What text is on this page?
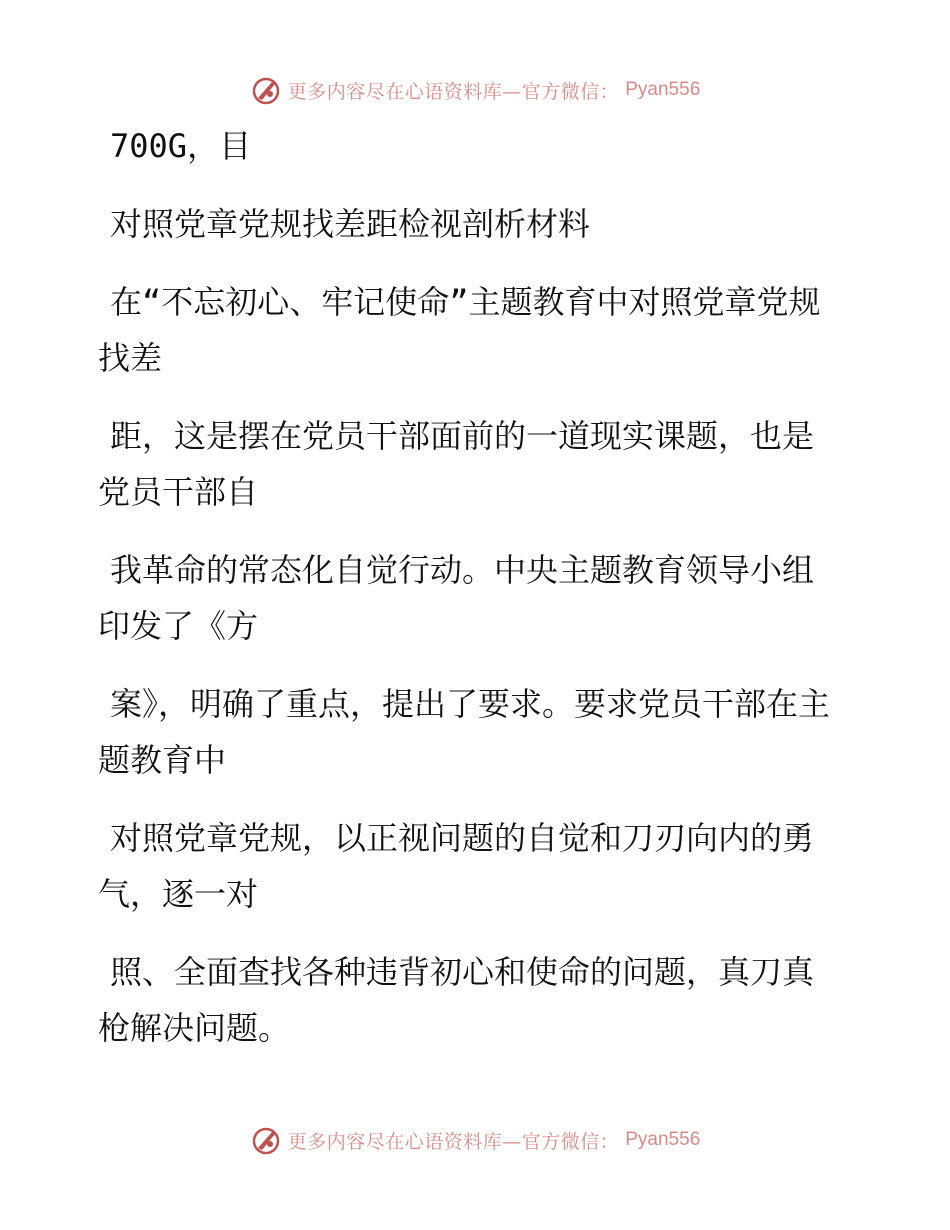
更多内容尽在心语资料库—官方微信： Pyan556

700G，目

对照党章党规找差距检视剖析材料

在“不忘初心、牢记使命”主题教育中对照党章党规找差

距，这是摆在党员干部面前的一道现实课题，也是党员干部自

我革命的常态化自觉行动。中央主题教育领导小组印发了《方

案》，明确了重点，提出了要求。要求党员干部在主 题教育中

对照党章党规，以正视问题的自觉和刀刃向内的勇气，逐一对

照、全面查找各种违背初心和使命的问题，真刀真枪解决问题。

更多内容尽在心语资料库—官方微信： Pyan556
